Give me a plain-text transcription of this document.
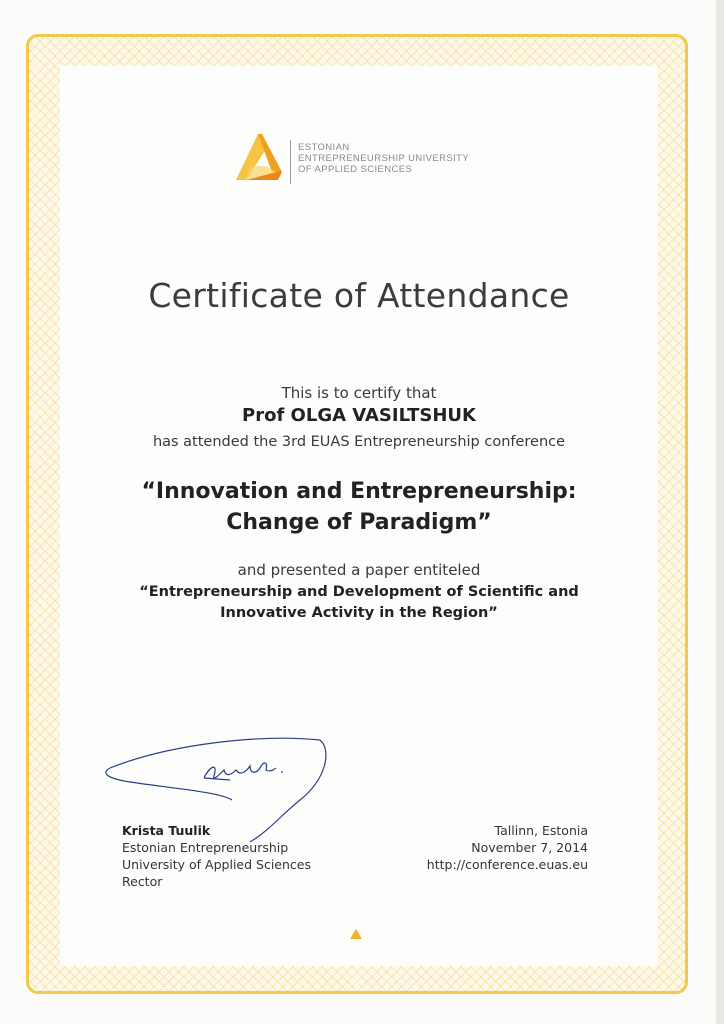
ESTONIAN
ENTREPRENEURSHIP UNIVERSITY
OF APPLIED SCIENCES
Certificate of Attendance
This is to certify that
Prof OLGA VASILTSHUK
has attended the 3rd EUAS Entrepreneurship conference
“Innovation and Entrepreneurship:
Change of Paradigm”
and presented a paper entiteled
“Entrepreneurship and Development of Scientific and
Innovative Activity in the Region”
Krista Tuulik
Estonian Entrepreneurship
University of Applied Sciences
Rector
Tallinn, Estonia
November 7, 2014
http://conference.euas.eu
